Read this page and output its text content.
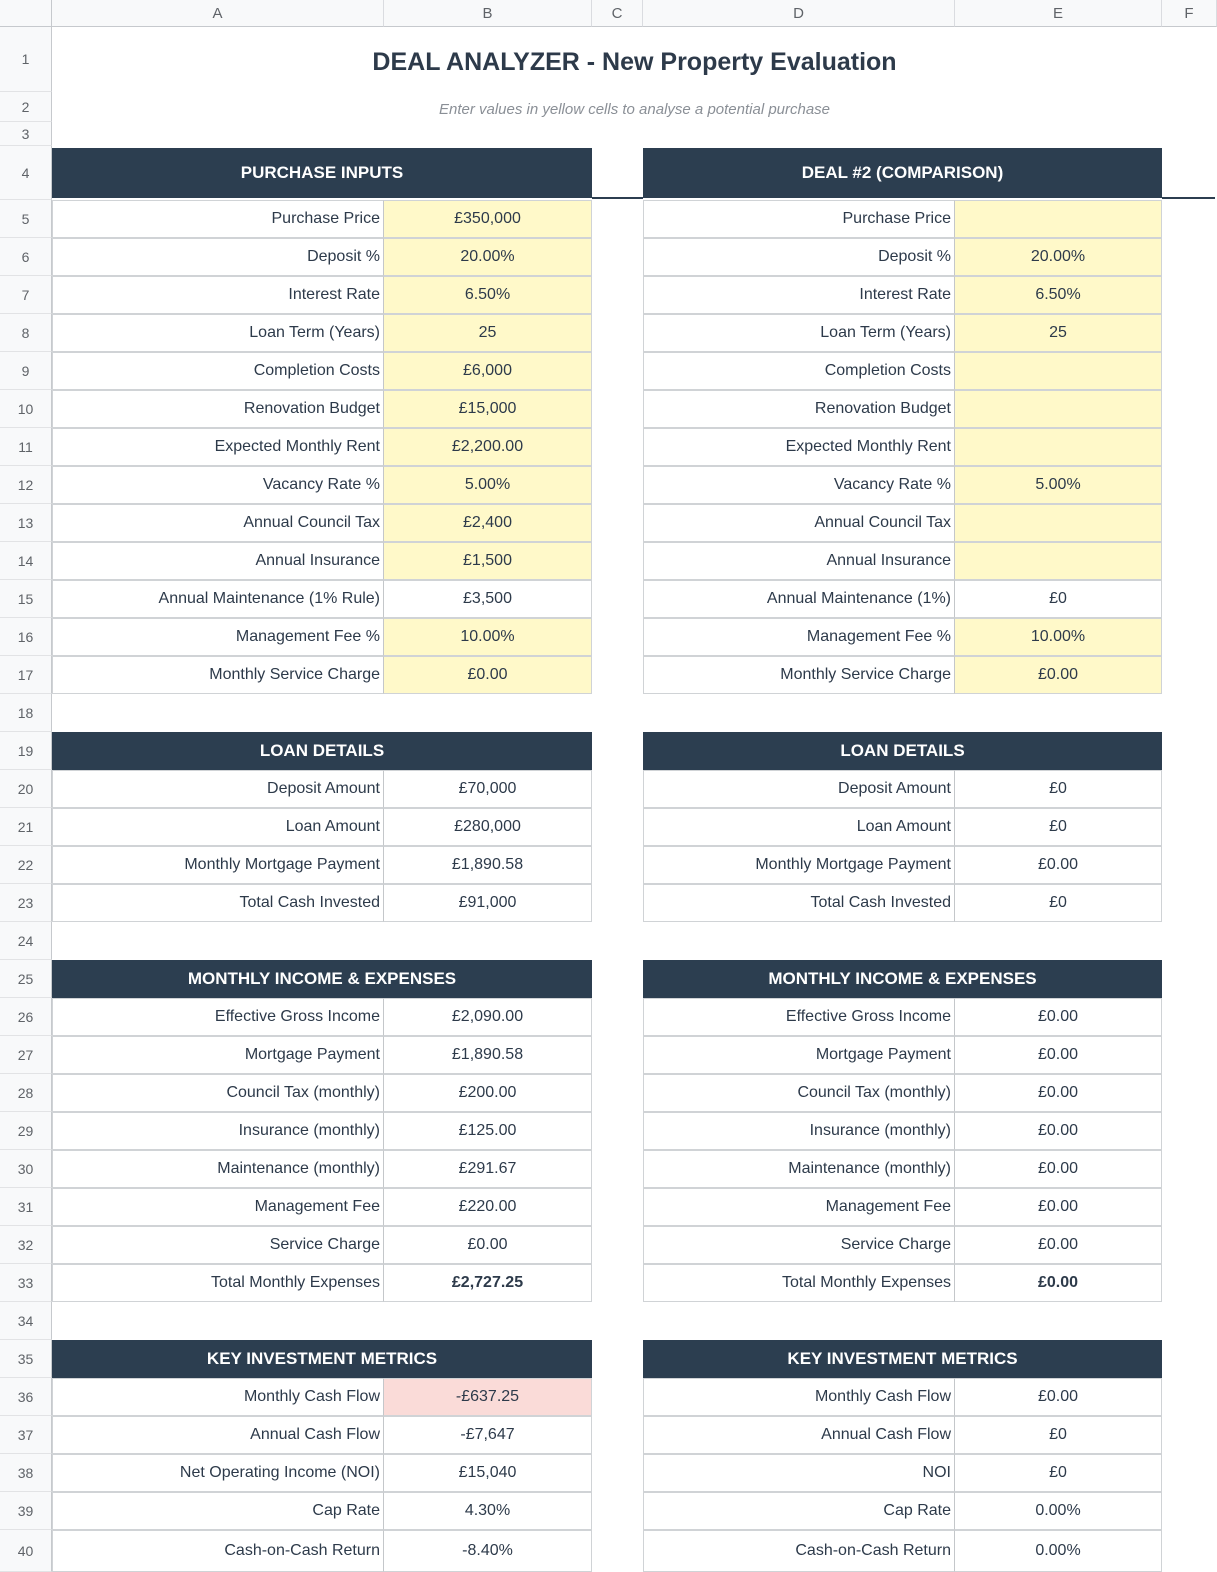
A	B	C	D	E	F
1
2
3
4
5
6
7
8
9
10
11
12
13
14
15
16
17
18
19
20
21
22
23
24
25
26
27
28
29
30
31
32
33
34
35
36
37
38
39
40
DEAL ANALYZER - New Property Evaluation
Enter values in yellow cells to analyse a potential purchase
PURCHASE INPUTS
Purchase Price	£350,000
Deposit %	20.00%
Interest Rate	6.50%
Loan Term (Years)	25
Completion Costs	£6,000
Renovation Budget	£15,000
Expected Monthly Rent	£2,200.00
Vacancy Rate %	5.00%
Annual Council Tax	£2,400
Annual Insurance	£1,500
Annual Maintenance (1% Rule)	£3,500
Management Fee %	10.00%
Monthly Service Charge	£0.00
LOAN DETAILS
Deposit Amount	£70,000
Loan Amount	£280,000
Monthly Mortgage Payment	£1,890.58
Total Cash Invested	£91,000
MONTHLY INCOME & EXPENSES
Effective Gross Income	£2,090.00
Mortgage Payment	£1,890.58
Council Tax (monthly)	£200.00
Insurance (monthly)	£125.00
Maintenance (monthly)	£291.67
Management Fee	£220.00
Service Charge	£0.00
Total Monthly Expenses	£2,727.25
KEY INVESTMENT METRICS
Monthly Cash Flow	-£637.25
Annual Cash Flow	-£7,647
Net Operating Income (NOI)	£15,040
Cap Rate	4.30%
Cash-on-Cash Return	-8.40%
DEAL #2 (COMPARISON)
Purchase Price
Deposit %	20.00%
Interest Rate	6.50%
Loan Term (Years)	25
Completion Costs
Renovation Budget
Expected Monthly Rent
Vacancy Rate %	5.00%
Annual Council Tax
Annual Insurance
Annual Maintenance (1%)	£0
Management Fee %	10.00%
Monthly Service Charge	£0.00
LOAN DETAILS
Deposit Amount	£0
Loan Amount	£0
Monthly Mortgage Payment	£0.00
Total Cash Invested	£0
MONTHLY INCOME & EXPENSES
Effective Gross Income	£0.00
Mortgage Payment	£0.00
Council Tax (monthly)	£0.00
Insurance (monthly)	£0.00
Maintenance (monthly)	£0.00
Management Fee	£0.00
Service Charge	£0.00
Total Monthly Expenses	£0.00
KEY INVESTMENT METRICS
Monthly Cash Flow	£0.00
Annual Cash Flow	£0
NOI	£0
Cap Rate	0.00%
Cash-on-Cash Return	0.00%
